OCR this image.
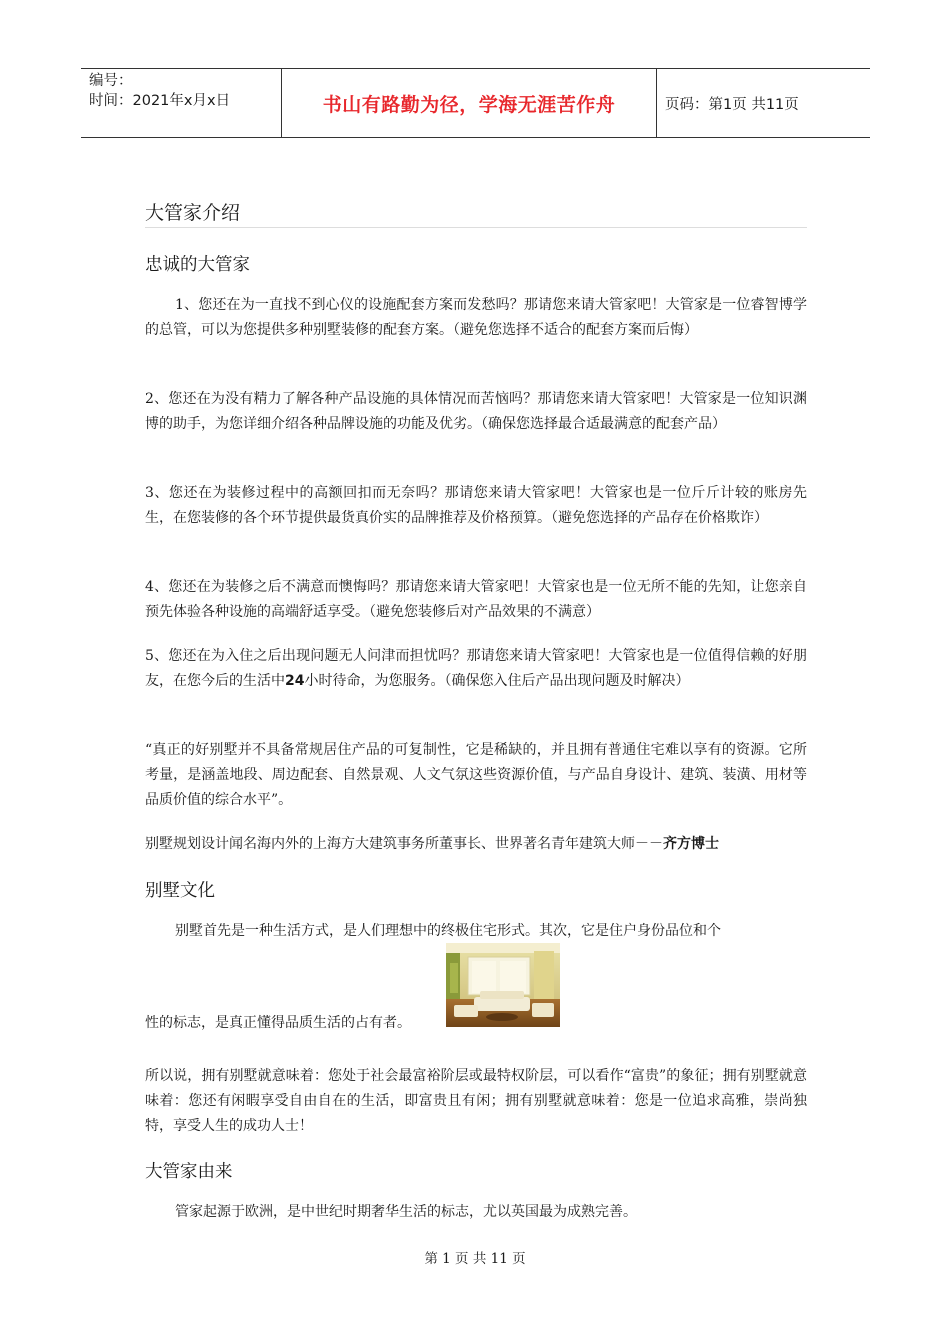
编号：
时间：2021年x月x日	书山有路勤为径，学海无涯苦作舟	页码：第1页 共11页
大管家介绍
忠诚的大管家

1、您还在为一直找不到心仪的设施配套方案而发愁吗？那请您来请大管家吧！大管家是一位睿智博学的总管，可以为您提供多种别墅装修的配套方案。（避免您选择不适合的配套方案而后悔）

2、您还在为没有精力了解各种产品设施的具体情况而苦恼吗？那请您来请大管家吧！大管家是一位知识渊博的助手，为您详细介绍各种品牌设施的功能及优劣。（确保您选择最合适最满意的配套产品）

3、您还在为装修过程中的高额回扣而无奈吗？那请您来请大管家吧！大管家也是一位斤斤计较的账房先生，在您装修的各个环节提供最货真价实的品牌推荐及价格预算。（避免您选择的产品存在价格欺诈）

4、您还在为装修之后不满意而懊悔吗？那请您来请大管家吧！大管家也是一位无所不能的先知，让您亲自预先体验各种设施的高端舒适享受。（避免您装修后对产品效果的不满意）

5、您还在为入住之后出现问题无人问津而担忧吗？那请您来请大管家吧！大管家也是一位值得信赖的好朋友，在您今后的生活中24小时待命，为您服务。（确保您入住后产品出现问题及时解决）

“真正的好别墅并不具备常规居住产品的可复制性，它是稀缺的，并且拥有普通住宅难以享有的资源。它所考量，是涵盖地段、周边配套、自然景观、人文气氛这些资源价值，与产品自身设计、建筑、装潢、用材等品质价值的综合水平”。

别墅规划设计闻名海内外的上海方大建筑事务所董事长、世界著名青年建筑大师－－齐方博士

别墅文化

别墅首先是一种生活方式，是人们理想中的终极住宅形式。其次，它是住户身份品位和个

性的标志，是真正懂得品质生活的占有者。

所以说，拥有别墅就意味着：您处于社会最富裕阶层或最特权阶层，可以看作“富贵”的象征；拥有别墅就意味着：您还有闲暇享受自由自在的生活，即富贵且有闲；拥有别墅就意味着：您是一位追求高雅，崇尚独特，享受人生的成功人士！

大管家由来

管家起源于欧洲，是中世纪时期奢华生活的标志，尤以英国最为成熟完善。

第 1 页 共 11 页
